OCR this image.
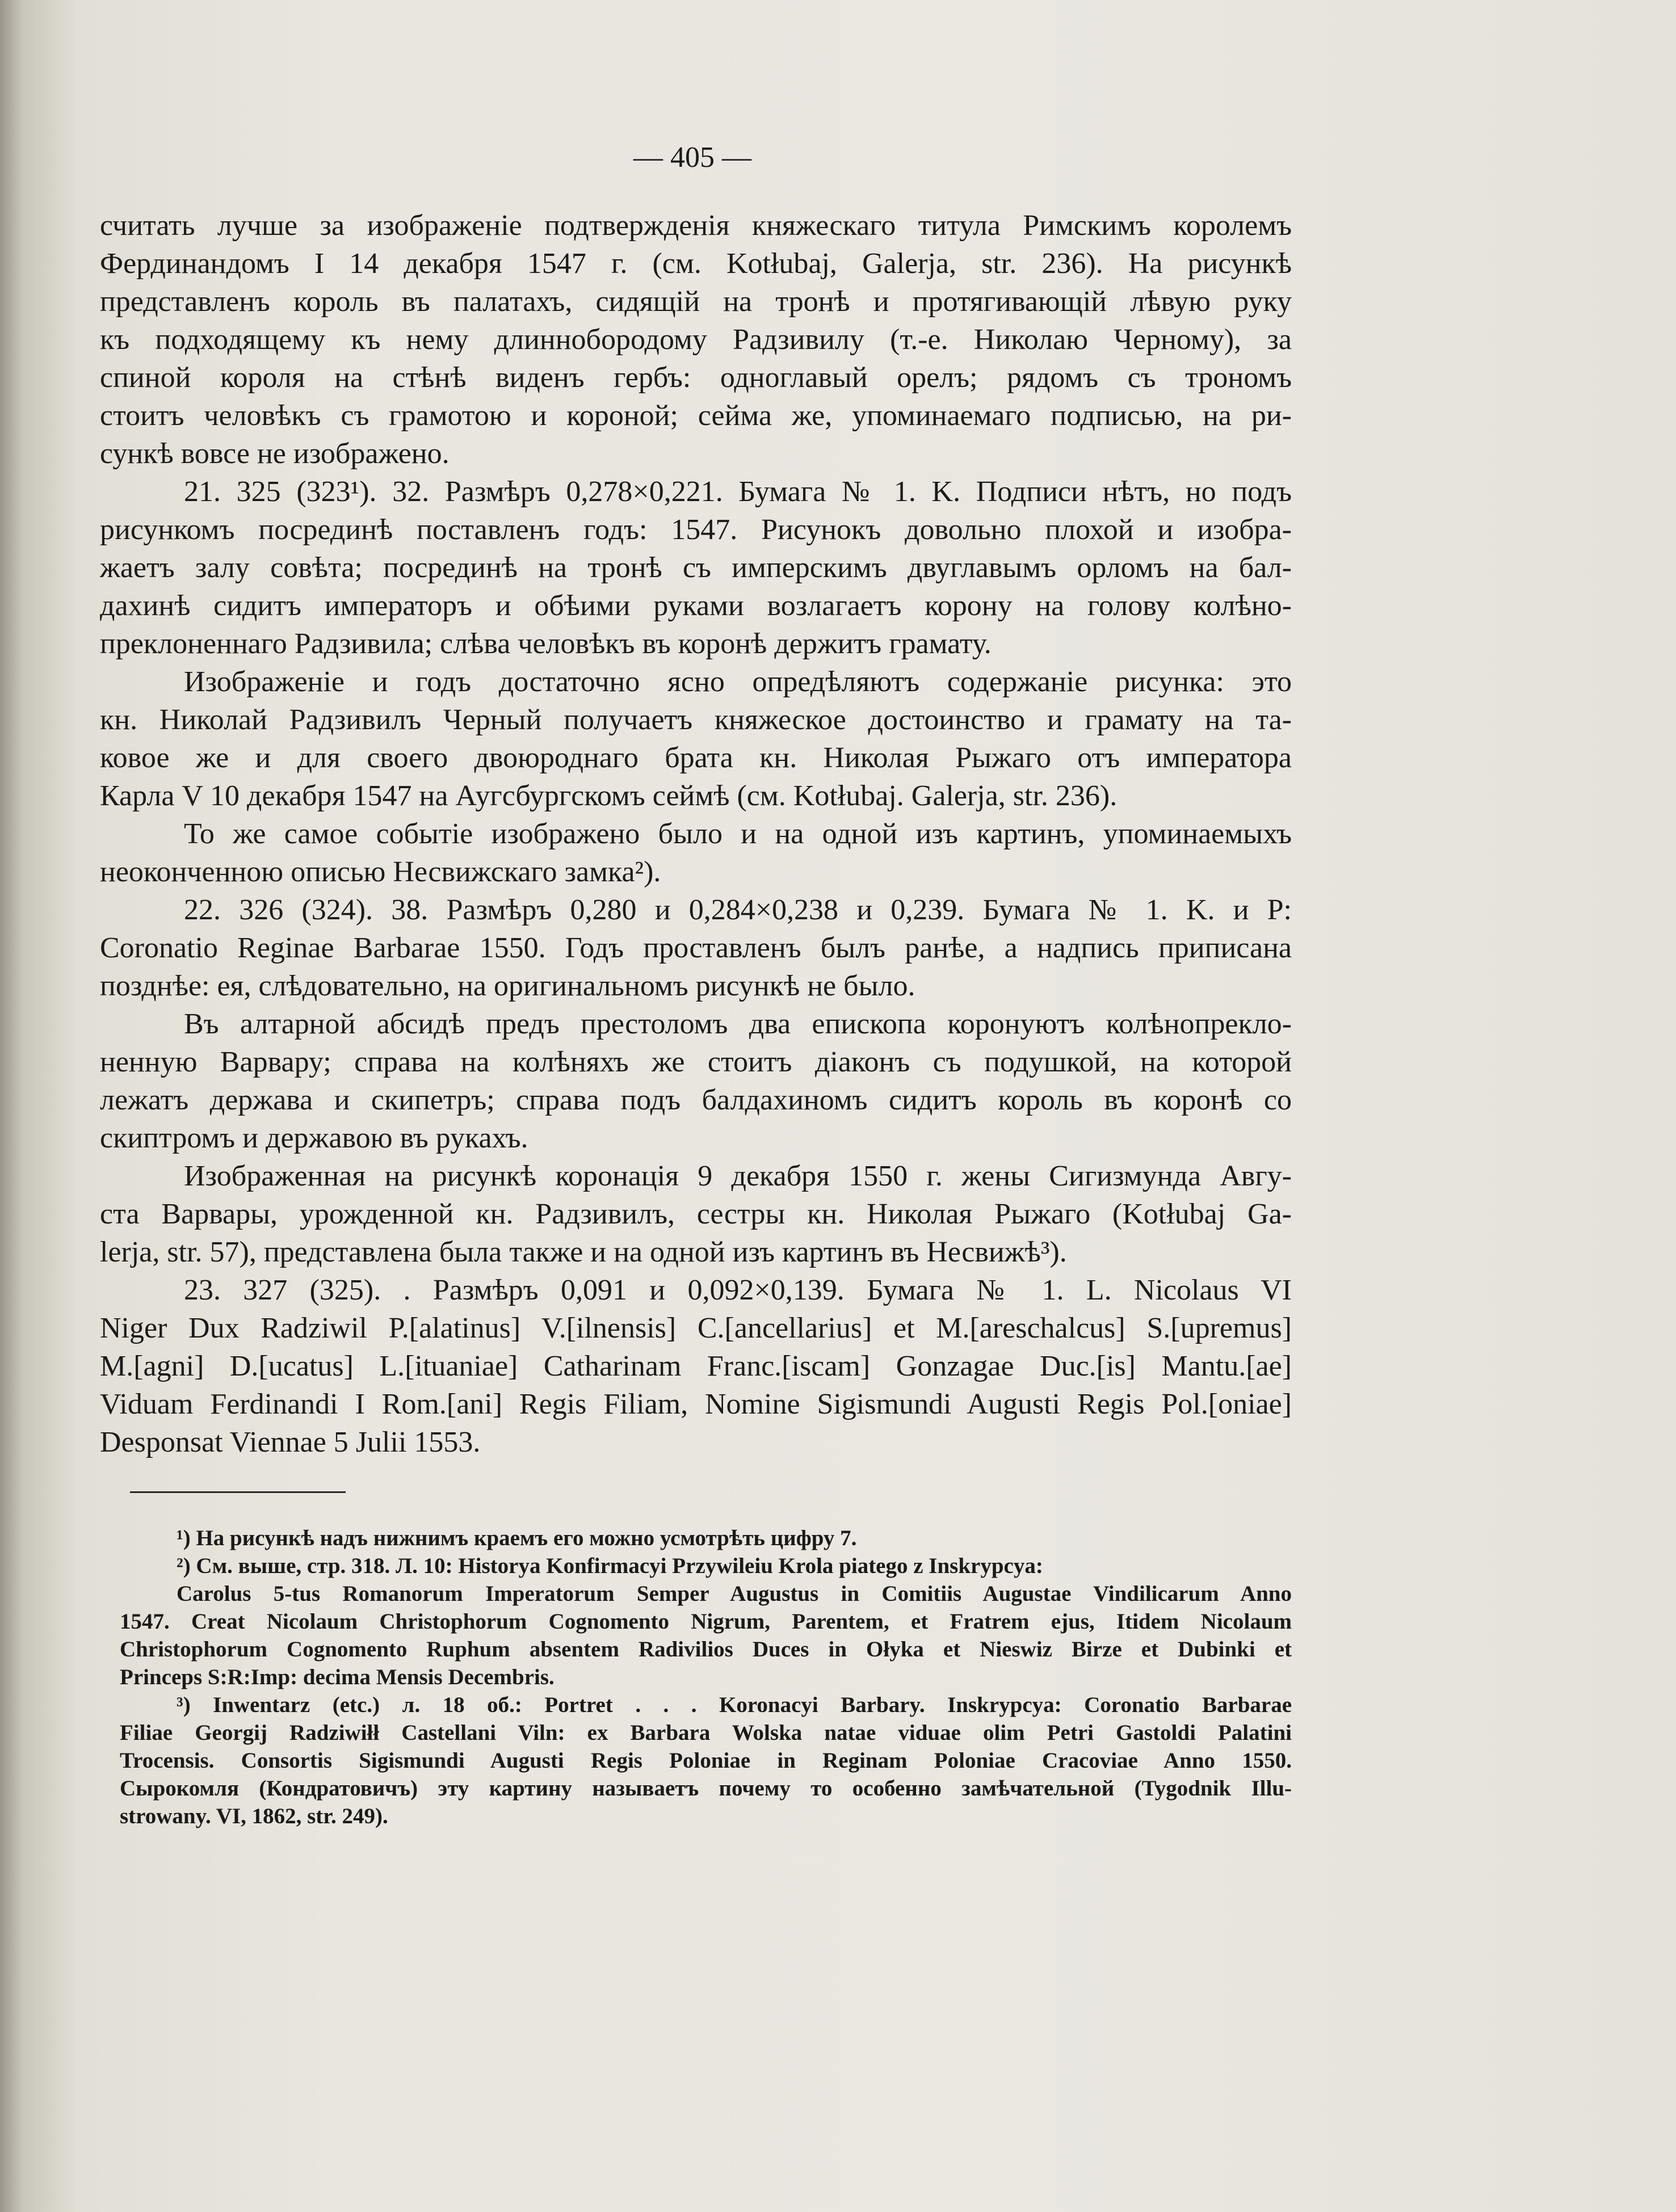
— 405 —
считать лучше за изображеніе подтвержденія княжескаго титула Римскимъ королемъ
Фердинандомъ I 14 декабря 1547 г. (см. Kotłubaj, Galerja, str. 236). На рисункѣ
представленъ король въ палатахъ, сидящій на тронѣ и протягивающій лѣвую руку
къ подходящему къ нему длиннобородому Радзивилу (т.-е. Николаю Черному), за
спиной короля на стѣнѣ виденъ гербъ: одноглавый орелъ; рядомъ съ трономъ
стоитъ человѣкъ съ грамотою и короной; сейма же, упоминаемаго подписью, на ри-
сункѣ вовсе не изображено.
21. 325 (323¹). 32. Размѣръ 0,278×0,221. Бумага № 1. K. Подписи нѣтъ, но подъ
рисункомъ посрединѣ поставленъ годъ: 1547. Рисунокъ довольно плохой и изобра-
жаетъ залу совѣта; посрединѣ на тронѣ съ имперскимъ двуглавымъ орломъ на бал-
дахинѣ сидитъ императоръ и обѣими руками возлагаетъ корону на голову колѣно-
преклоненнаго Радзивила; слѣва человѣкъ въ коронѣ держитъ грамату.
Изображеніе и годъ достаточно ясно опредѣляютъ содержаніе рисунка: это
кн. Николай Радзивилъ Черный получаетъ княжеское достоинство и грамату на та-
ковое же и для своего двоюроднаго брата кн. Николая Рыжаго отъ императора
Карла V 10 декабря 1547 на Аугсбургскомъ сеймѣ (см. Kotłubaj. Galerja, str. 236).
То же самое событіе изображено было и на одной изъ картинъ, упоминаемыхъ
неоконченною описью Несвижскаго замка²).
22. 326 (324). 38. Размѣръ 0,280 и 0,284×0,238 и 0,239. Бумага № 1. K. и P:
Coronatio Reginae Barbarae 1550. Годъ проставленъ былъ ранѣе, а надпись приписана
позднѣе: ея, слѣдовательно, на оригинальномъ рисункѣ не было.
Въ алтарной абсидѣ предъ престоломъ два епископа коронуютъ колѣнопрекло-
ненную Варвару; справа на колѣняхъ же стоитъ діаконъ съ подушкой, на которой
лежатъ держава и скипетръ; справа подъ балдахиномъ сидитъ король въ коронѣ со
скиптромъ и державою въ рукахъ.
Изображенная на рисункѣ коронація 9 декабря 1550 г. жены Сигизмунда Авгу-
ста Варвары, урожденной кн. Радзивилъ, сестры кн. Николая Рыжаго (Kotłubaj Ga-
lerja, str. 57), представлена была также и на одной изъ картинъ въ Несвижѣ³).
23. 327 (325). . Размѣръ 0,091 и 0,092×0,139. Бумага № 1. L. Nicolaus VI
Niger Dux Radziwil P.[alatinus] V.[ilnensis] C.[ancellarius] et M.[areschalcus] S.[upremus]
M.[agni] D.[ucatus] L.[ituaniae] Catharinam Franc.[iscam] Gonzagae Duc.[is] Mantu.[ae]
Viduam Ferdinandi I Rom.[ani] Regis Filiam, Nomine Sigismundi Augusti Regis Pol.[oniae]
Desponsat Viennae 5 Julii 1553.
¹) На рисункѣ надъ нижнимъ краемъ его можно усмотрѣть цифру 7.
²) См. выше, стр. 318. Л. 10: Historya Konfirmacyi Przywileiu Krola piatego z Inskrypcya:
Carolus 5-tus Romanorum Imperatorum Semper Augustus in Comitiis Augustae Vindilicarum Anno
1547. Creat Nicolaum Christophorum Cognomento Nigrum, Parentem, et Fratrem ejus, Itidem Nicolaum
Christophorum Cognomento Ruphum absentem Radivilios Duces in Ołyka et Nieswiz Birze et Dubinki et
Princeps S:R:Imp: decima Mensis Decembris.
³) Inwentarz (etc.) л. 18 об.: Portret . . . Koronacyi Barbary. Inskrypcya: Coronatio Barbarae
Filiae Georgij Radziwiłł Castellani Viln: ex Barbara Wolska natae viduae olim Petri Gastoldi Palatini
Trocensis. Consortis Sigismundi Augusti Regis Poloniae in Reginam Poloniae Cracoviae Anno 1550.
Сырокомля (Кондратовичъ) эту картину называетъ почему то особенно замѣчательной (Tygodnik Illu-
strowany. VI, 1862, str. 249).
